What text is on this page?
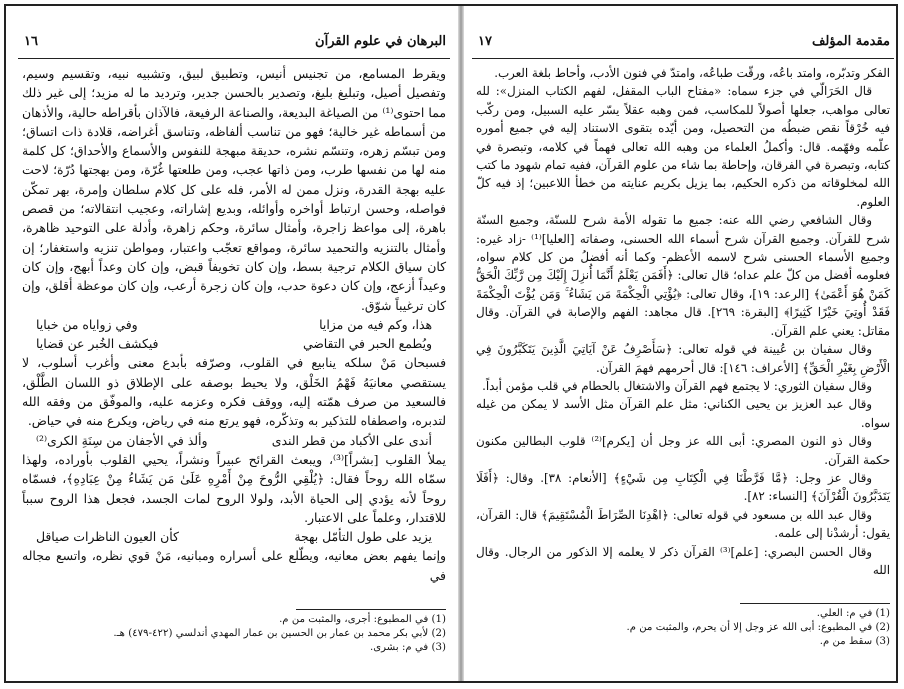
البرهان في علوم القرآن
١٦

ويقرط المسامع، من تجنيس أنيس، وتطبيق لبيق، وتشبيه نبيه، وتقسيم وسيم، وتفصيل أصيل، وتبليغ بليغ، وتصدير بالحسن جدير، وترديد ما له مزيد؛ إلى غير ذلك مما احتوى⁽¹⁾ من الصياغة البديعة، والصناعة الرفيعة، فالآذان بأقراطه حالية، والأذهان من أسماطه غير خالية؛ فهو من تناسب ألفاظه، وتناسق أغراضه، قلادة ذات اتساق؛ ومن تبسّم زهره، وتنسّم نشره، حديقة مبهجة للنفوس والأسماع والأحداق؛ كل كلمة منه لها من نفسها طرب، ومن ذاتها عجب، ومن طلعتها غُرّة، ومن بهجتها دُرّة؛ لاحت عليه بهجة القدرة، ونزل ممن له الأمر، فله على كل كلام سلطان وإمرة، بهر تمكّن فواصله، وحسن ارتباط أواخره وأوائله، وبديع إشاراته، وعجيب انتقالاته؛ من قصص باهرة، إلى مواعظ زاجرة، وأمثال سائرة، وحكم زاهرة، وأدلة على التوحيد ظاهرة، وأمثال بالتنزيه والتحميد سائرة، ومواقع تعجّب واعتبار، ومواطن تنزيه واستغفار؛ إن كان سياق الكلام ترجية بسط، وإن كان تخويفاً قبض، وإن كان وعداً أبهج، وإن كان وعيداً أزعج، وإن كان دعوة حدب، وإن كان زجرة أرعب، وإن كان موعظة أقلق، وإن كان ترغيباً شوّق.

هذا، وكم فيه من مزايا
وفي زواياه من خبايا
ويُطمع الحبر في التقاضي
فيكشف الخُبر عن قضايا

فسبحان مَنْ سلكه ينابيع في القلوب، وصرّفه بأبدع معنى وأغرب أسلوب، لا يستقصي معانيَهُ فَهْمُ الخَلْق، ولا يحيط بوصفه على الإطلاق ذو اللسان الطَّلْق، فالسعيد من صرف همّته إليه، ووقف فكره وعزمه عليه، والموفّق من وفقه الله لتدبره، واصطفاه للتذكير به وتذكّره، فهو يرتع منه في رياض، ويكرع منه في حياض.

أندى على الأكباد من قطر الندى
وألذ في الأجفان من سِنَةِ الكرى⁽²⁾

يملأ القلوب [بشراً]⁽³⁾، ويبعث القرائح عبيراً ونشراً، يحيي القلوب بأوراده، ولهذا سمّاه الله روحاً فقال: ﴿يُلْقِي الرُّوحَ مِنْ أَمْرِهِ عَلَىٰ مَن يَشَاءُ مِنْ عِبَادِهِ﴾، فسمّاه روحاً لأنه يؤدي إلى الحياة الأبد، ولولا الروح لمات الجسد، فجعل هذا الروح سبباً للاقتدار، وعلماً على الاعتبار.

يزيد على طول التأمّل بهجة
كأن العيون الناظرات صياقل

وإنما يفهم بعض معانيه، ويطّلع على أسراره ومبانيه، مَنْ قوي نظره، واتسع مجاله في

(1) في المطبوع: أجرى، والمثبت من م.
(2) لأبي بكر محمد بن عمار بن الحسين بن عمار المهدي أندلسي (٤٢٢-٤٧٩) هـ.
(3) في م: بشرى.
مقدمة المؤلف
١٧

الفكر وتدبّره، وامتد باعُه، ورقّت طباعُه، وامتدّ في فنون الأدب، وأحاط بلغة العرب.

قال الحَرَالّي في جزء سماه: «مفتاح الباب المقفل، لفهم الكتاب المنزل»: لله تعالى مواهب، جعلها أصولاً للمكاسب، فمن وهبه عقلاً يسّر عليه السبيل، ومن ركّب فيه خُرْقاً نقص ضبطُه من التحصيل، ومن أيّده بتقوى الاستناد إليه في جميع أموره علّمه وفهّمه. قال: وأكملُ العلماء من وهبه الله تعالى فهماً في كلامه، وتبصرة في كتابه، وتبصرة في الفرقان، وإحاطة بما شاء من علوم القرآن، ففيه تمام شهود ما كتب الله لمخلوقاته من ذكره الحكيم، بما يزيل بكريم عنايته من خطأ اللاعبين؛ إذ فيه كلّ العلوم.

وقال الشافعي رضي الله عنه: جميع ما تقوله الأمة شرح للسنّة، وجميع السنّة شرح للقرآن. وجميع القرآن شرح أسماء الله الحسنى، وصفاته [العليا]⁽¹⁾ -زاد غيره: وجميع الأسماء الحسنى شرح لاسمه الأعظم- وكما أنه أفضلُ من كل كلام سواه، فعلومه أفضل من كلّ علم عداه؛ قال تعالى: ﴿أَفَمَن يَعْلَمُ أَنَّمَا أُنزِلَ إِلَيْكَ مِن رَّبِّكَ الْحَقُّ كَمَنْ هُوَ أَعْمَىٰ﴾ [الرعد: ١٩]، وقال تعالى: ﴿يُؤْتِي الْحِكْمَةَ مَن يَشَاءُ ۚ وَمَن يُؤْتَ الْحِكْمَةَ فَقَدْ أُوتِيَ خَيْرًا كَثِيرًا﴾ [البقرة: ٢٦٩]. قال مجاهد: الفهم والإصابة في القرآن. وقال مقاتل: يعني علم القرآن.

وقال سفيان بن عُيينة في قوله تعالى: ﴿سَأَصْرِفُ عَنْ آيَاتِيَ الَّذِينَ يَتَكَبَّرُونَ فِي الْأَرْضِ بِغَيْرِ الْحَقِّ﴾ [الأعراف: ١٤٦]: قال أحرمهم فهمَ القرآن.

وقال سفيان الثوري: لا يجتمع فهم القرآن والاشتغال بالحطام في قلب مؤمن أبداً.

وقال عبد العزيز بن يحيى الكناني: مثل علم القرآن مثل الأسد لا يمكن من غيله سواه.

وقال ذو النون المصري: أبى الله عز وجل أن [يكرم]⁽²⁾ قلوب البطالين مكنون حكمة القرآن.

وقال عز وجل: ﴿مَّا فَرَّطْنَا فِي الْكِتَابِ مِن شَيْءٍ﴾ [الأنعام: ٣٨]. وقال: ﴿أَفَلَا يَتَدَبَّرُونَ الْقُرْآنَ﴾ [النساء: ٨٢].

وقال عبد الله بن مسعود في قوله تعالى: ﴿اهْدِنَا الصِّرَاطَ الْمُسْتَقِيمَ﴾ قال: القرآن، يقول: أرشدْنا إلى علمه.

وقال الحسن البصري: [علم]⁽³⁾ القرآن ذكر لا يعلمه إلا الذكور من الرجال. وقال الله

(1) في م: العلي.
(2) في المطبوع: أبى الله عز وجل إلا أن يحرم، والمثبت من م.
(3) سقط من م.
